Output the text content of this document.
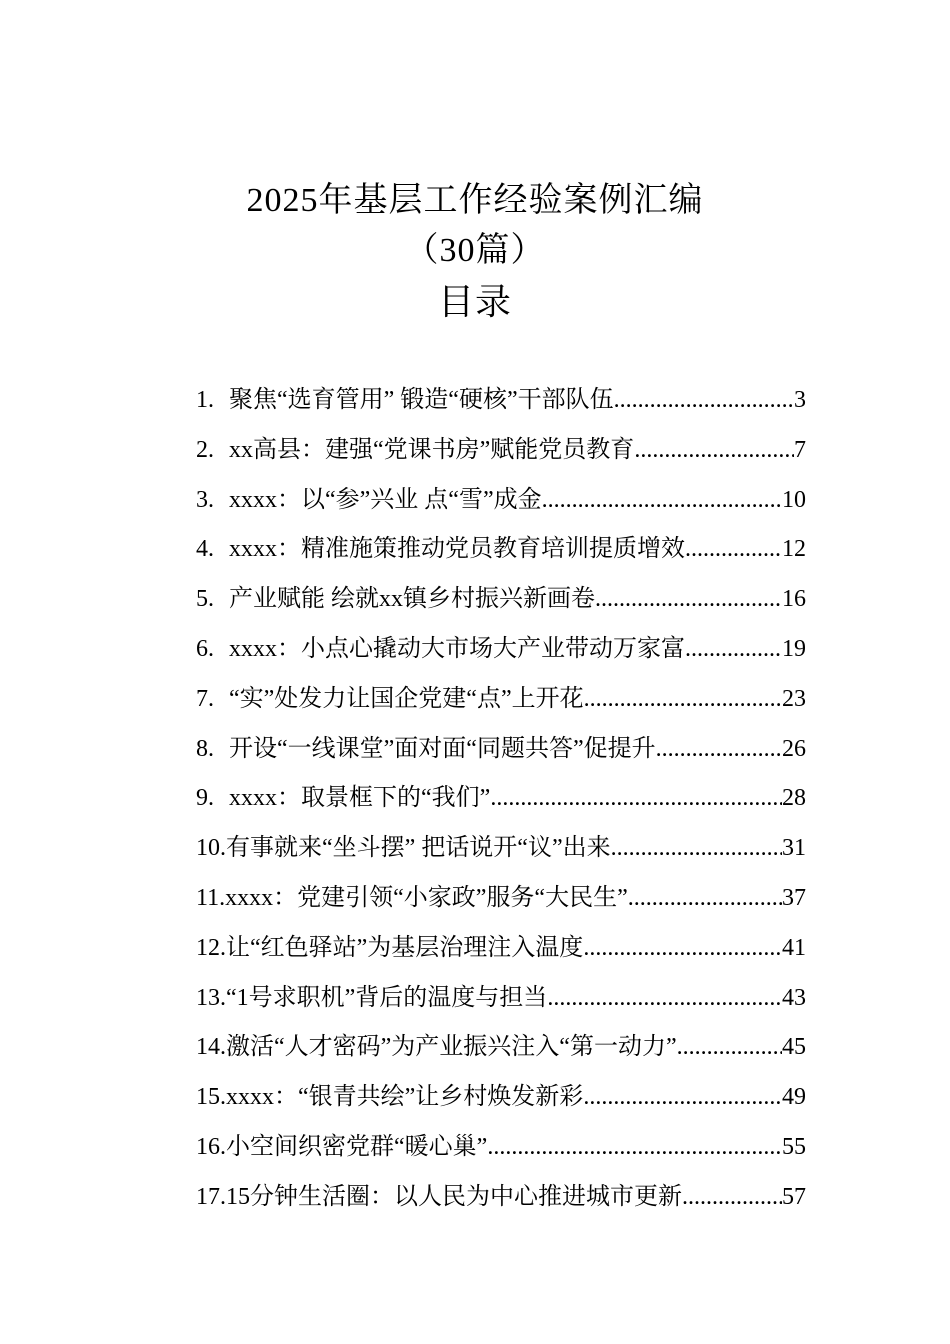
2025年基层工作经验案例汇编
（30篇）
目录
1. 聚焦“选育管用” 锻造“硬核”干部队伍 .....	3
2. xx高县：建强“党课书房”赋能党员教育 .....	7
3. xxxx：以“参”兴业 点“雪”成金 .....	10
4. xxxx：精准施策推动党员教育培训提质增效 .....	12
5. 产业赋能 绘就xx镇乡村振兴新画卷 .....	16
6. xxxx：小点心撬动大市场大产业带动万家富 .....	19
7. “实”处发力让国企党建“点”上开花 .....	23
8. 开设“一线课堂”面对面“同题共答”促提升 .....	26
9. xxxx：取景框下的“我们” .....	28
10. 有事就来“坐斗摆” 把话说开“议”出来 .....	31
11. xxxx：党建引领“小家政”服务“大民生” .....	37
12. 让“红色驿站”为基层治理注入温度 .....	41
13. “1号求职机”背后的温度与担当 .....	43
14. 激活“人才密码”为产业振兴注入“第一动力” .....	45
15. xxxx：“银青共绘”让乡村焕发新彩 .....	49
16. 小空间织密党群“暖心巢” .....	55
17. 15分钟生活圈：以人民为中心推进城市更新 .....	57
